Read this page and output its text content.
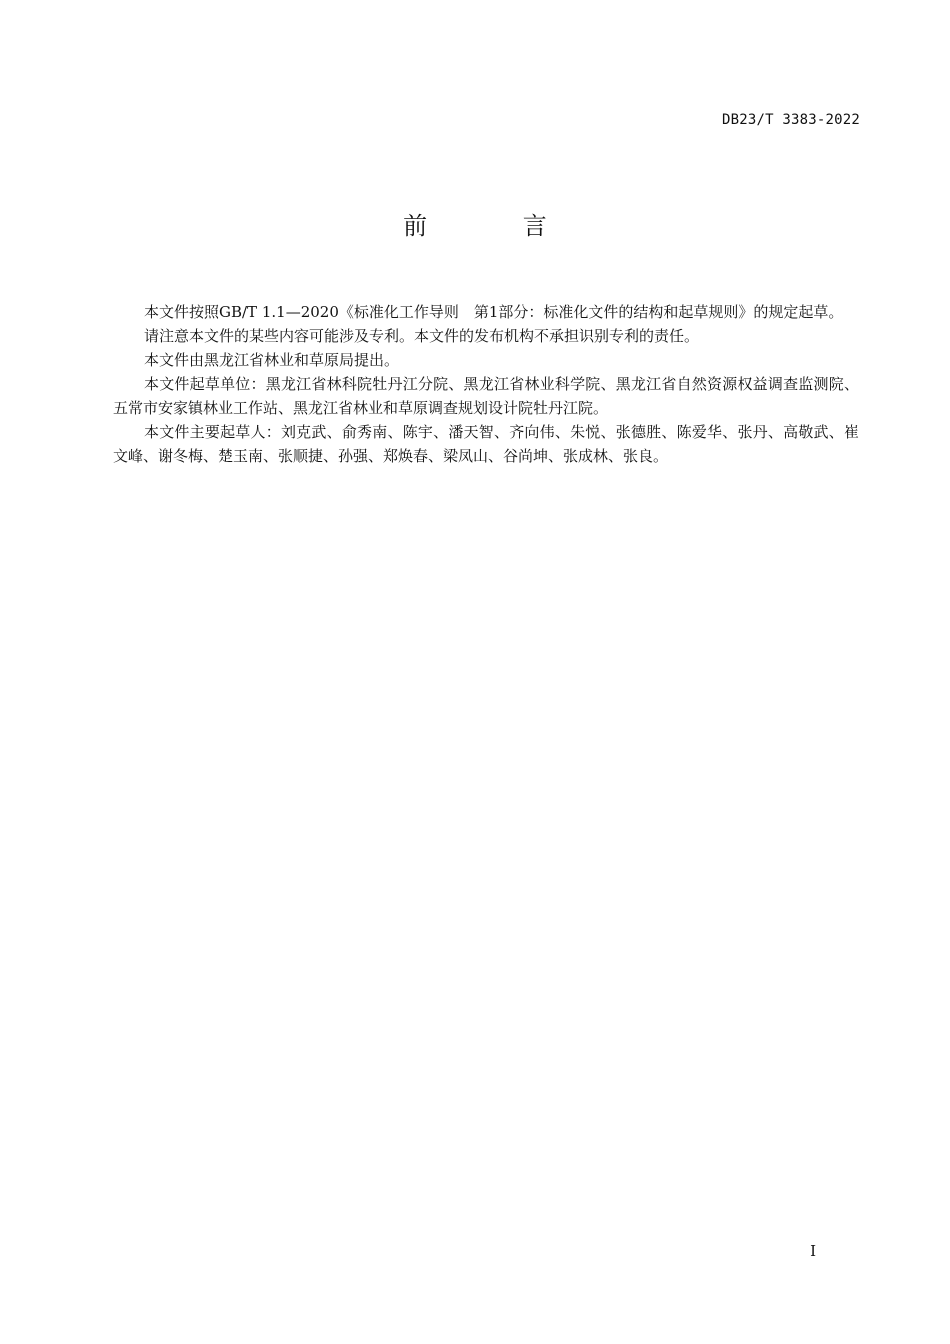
DB23/T 3383-2022
前 言

本文件按照GB/T 1.1—2020《标准化工作导则　第1部分：标准化文件的结构和起草规则》的规定起草。

请注意本文件的某些内容可能涉及专利。本文件的发布机构不承担识别专利的责任。

本文件由黑龙江省林业和草原局提出。

本文件起草单位：黑龙江省林科院牡丹江分院、黑龙江省林业科学院、黑龙江省自然资源权益调查监测院、五常市安家镇林业工作站、黑龙江省林业和草原调查规划设计院牡丹江院。

本文件主要起草人：刘克武、俞秀南、陈宇、潘天智、齐向伟、朱悦、张德胜、陈爱华、张丹、高敬武、崔文峰、谢冬梅、楚玉南、张顺捷、孙强、郑焕春、梁凤山、谷尚坤、张成林、张良。

I
